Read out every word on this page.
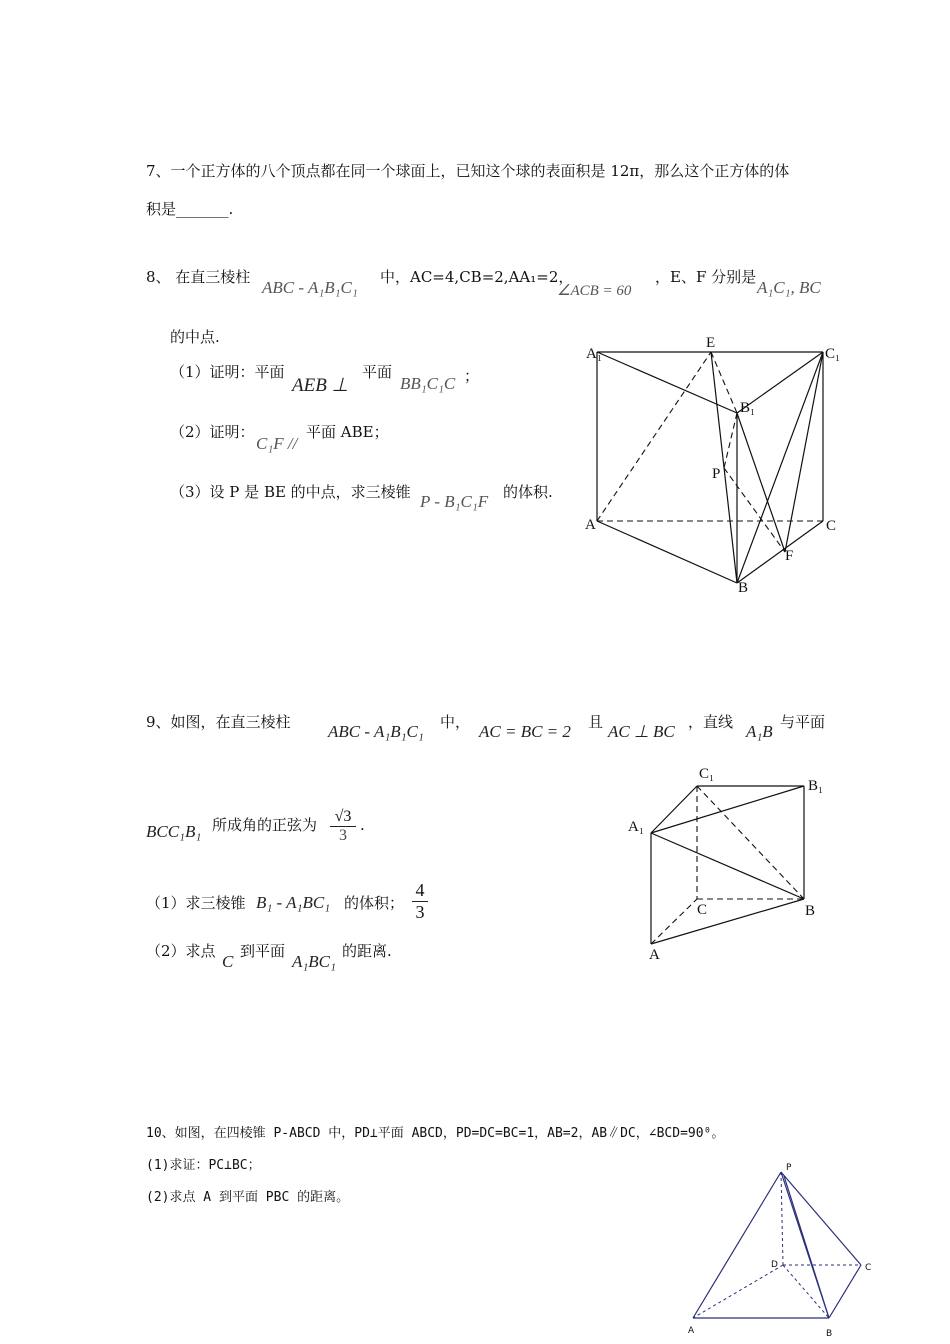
7、一个正方体的八个顶点都在同一个球面上，已知这个球的表面积是 12π，那么这个正方体的体
积是_______.
8、 在直三棱柱
ABC - A₁B₁C₁
中，AC=4,CB=2,AA₁=2，
∠ACB = 60
，E、F 分别是
A₁C₁, BC
的中点.
（1）证明：平面
AEB ⊥
平面
BB₁C₁C ；
（2）证明：
C₁F //
平面 ABE；
（3）设 P 是 BE 的中点，求三棱锥 P - B₁C₁F 的体积.
A₁
E
C₁
B₁
P
A	C
F
B
9、如图，在直三棱柱 ABC - A₁B₁C₁ 中， AC = BC = 2 且 AC ⊥ BC ，直线 A₁B 与平面
BCC₁B₁ 所成角的正弦为 $\frac{√3}{3}$ .
（1）求三棱锥 B₁ - A₁BC₁ 的体积； $\frac{4}{3}$
（2）求点
C
到平面
A₁BC₁
的距离.
C₁
B₁
A₁
C	B
A
10、如图，在四棱锥 P-ABCD 中，PD⊥平面 ABCD，PD=DC=BC=1，AB=2，AB∥DC，∠BCD=90⁰。
(1)求证：PC⊥BC；
(2)求点 A 到平面 PBC 的距离。
P
D	C
A	B
